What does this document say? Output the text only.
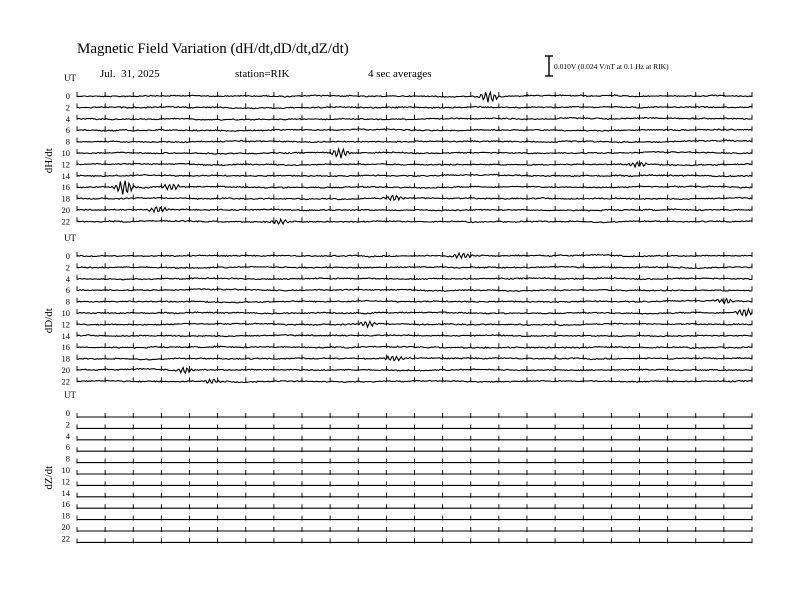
Magnetic Field Variation (dH/dt,dD/dt,dZ/dt)
Jul.  31, 2025	station=RIK	4 sec averages
0.010V (0.024 V/nT at 0.1 Hz at RIK)
UT
dH/dt
0
2
4
6
8
10
12
14
16
18
20
22
UT
dD/dt
0
2
4
6
8
10
12
14
16
18
20
22
UT
dZ/dt
0
2
4
6
8
10
12
14
16
18
20
22
